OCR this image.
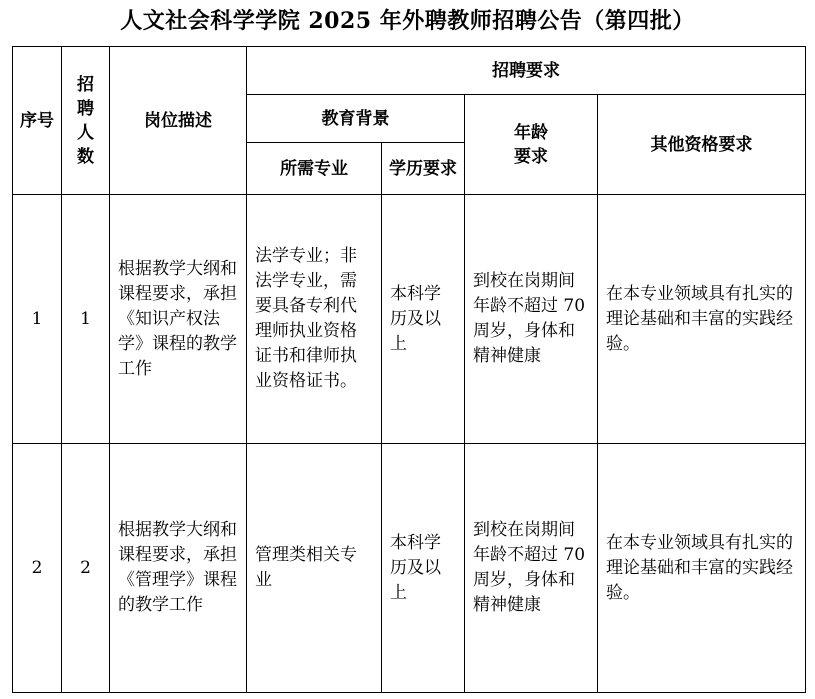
人文社会科学学院 2025 年外聘教师招聘公告（第四批）
序号	招聘人数	岗位描述	招聘要求			
			教育背景		年龄要求	其他资格要求
			所需专业	学历要求		

1	1	根据教学大纲和课程要求，承担《知识产权法学》课程的教学工作	法学专业；非法学专业，需要具备专利代理师执业资格证书和律师执业资格证书。	本科学历及以上	到校在岗期间年龄不超过 70 周岁，身体和精神健康	在本专业领域具有扎实的理论基础和丰富的实践经验。
2	2	根据教学大纲和课程要求，承担《管理学》课程的教学工作	管理类相关专业	本科学历及以上	到校在岗期间年龄不超过 70 周岁，身体和精神健康	在本专业领域具有扎实的理论基础和丰富的实践经验。
